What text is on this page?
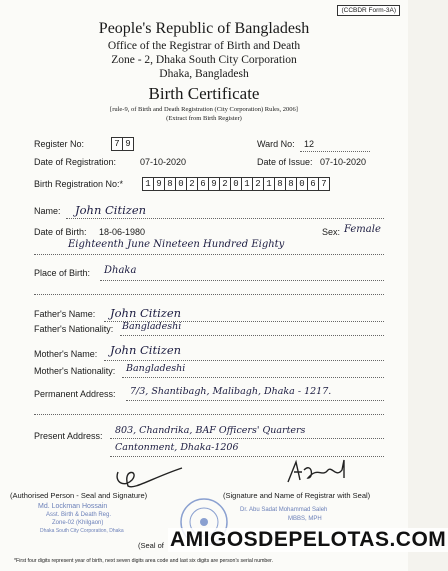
(CCBDR Form-3A)
People's Republic of Bangladesh
Office of the Registrar of Birth and Death
Zone - 2, Dhaka South City Corporation
Dhaka, Bangladesh
Birth Certificate
[rule-9, of Birth and Death Registration (City Corporation) Rules, 2006]
(Extract from Birth Register)
Register No:	7 9	Ward No: 12
Date of Registration:	07-10-2020	Date of Issue: 07-10-2020
Birth Registration No:*	1 9 8 0 2 6 9 2 0 1 2 1 8 8 0 6 7
Name: John Citizen
Date of Birth: 18-06-1980	Sex: Female
Eighteenth June Nineteen Hundred Eighty
Place of Birth: Dhaka
Father's Name: John Citizen
Father's Nationality: Bangladeshi
Mother's Name: John Citizen
Mother's Nationality: Bangladeshi
Permanent Address: 7/3, Shantibagh, Malibagh, Dhaka - 1217.
Present Address: 803, Chandrika, BAF Officers' Quarters
Cantonment, Dhaka-1206
(Authorised Person - Seal and Signature)	(Signature and Name of Registrar with Seal)
Md. Lockman Hossain
Asst. Birth & Death Reg.
Zone-02 (Khilgaon)
Dhaka South City Corporation, Dhaka
Dr. Abu Sadat Mohammad Saleh
MBBS, MPH
(Seal of AMIGOSDEPELOTAS.COM
*First four digits represent year of birth, next seven digits area code and last six digits are person's serial number.
